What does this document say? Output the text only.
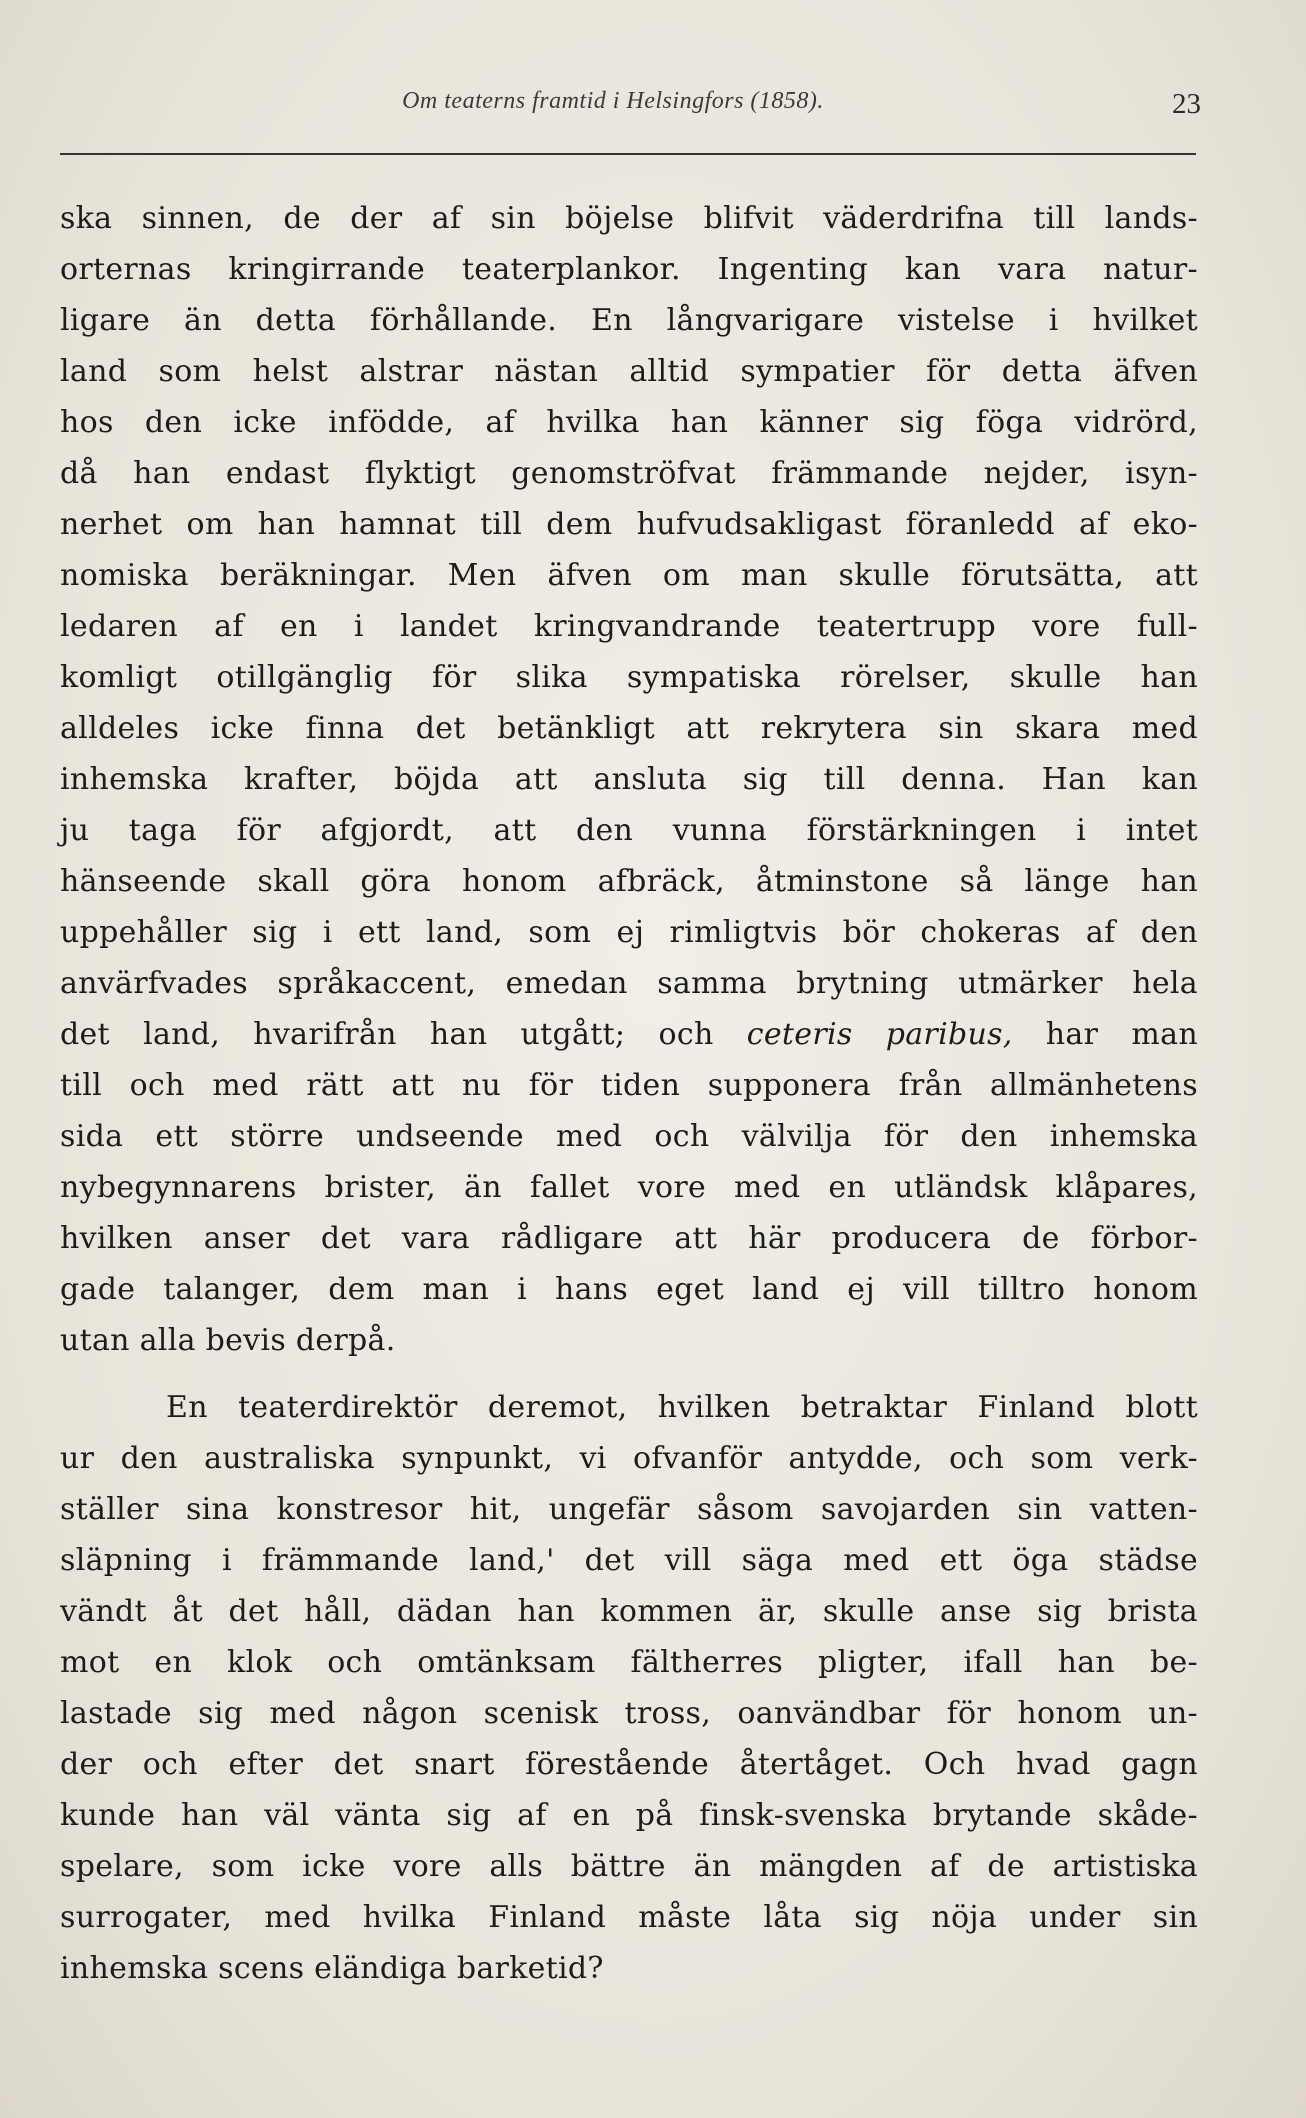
Om teaterns framtid i Helsingfors (1858).	23
ska sinnen, de der af sin böjelse blifvit väderdrifna till lands-
orternas kringirrande teaterplankor. Ingenting kan vara natur-
ligare än detta förhållande. En långvarigare vistelse i hvilket
land som helst alstrar nästan alltid sympatier för detta äfven
hos den icke infödde, af hvilka han känner sig föga vidrörd,
då han endast flyktigt genomströfvat främmande nejder, isyn-
nerhet om han hamnat till dem hufvudsakligast föranledd af eko-
nomiska beräkningar. Men äfven om man skulle förutsätta, att
ledaren af en i landet kringvandrande teatertrupp vore full-
komligt otillgänglig för slika sympatiska rörelser, skulle han
alldeles icke finna det betänkligt att rekrytera sin skara med
inhemska krafter, böjda att ansluta sig till denna. Han kan
ju taga för afgjordt, att den vunna förstärkningen i intet
hänseende skall göra honom afbräck, åtminstone så länge han
uppehåller sig i ett land, som ej rimligtvis bör chokeras af den
anvärfvades språkaccent, emedan samma brytning utmärker hela
det land, hvarifrån han utgått; och ceteris paribus, har man
till och med rätt att nu för tiden supponera från allmänhetens
sida ett större undseende med och välvilja för den inhemska
nybegynnarens brister, än fallet vore med en utländsk klåpares,
hvilken anser det vara rådligare att här producera de förbor-
gade talanger, dem man i hans eget land ej vill tilltro honom
utan alla bevis derpå.
En teaterdirektör deremot, hvilken betraktar Finland blott
ur den australiska synpunkt, vi ofvanför antydde, och som verk-
ställer sina konstresor hit, ungefär såsom savojarden sin vatten-
släpning i främmande land,' det vill säga med ett öga städse
vändt åt det håll, dädan han kommen är, skulle anse sig brista
mot en klok och omtänksam fältherres pligter, ifall han be-
lastade sig med någon scenisk tross, oanvändbar för honom un-
der och efter det snart förestående återtåget. Och hvad gagn
kunde han väl vänta sig af en på finsk-svenska brytande skåde-
spelare, som icke vore alls bättre än mängden af de artistiska
surrogater, med hvilka Finland måste låta sig nöja under sin
inhemska scens eländiga barketid?
